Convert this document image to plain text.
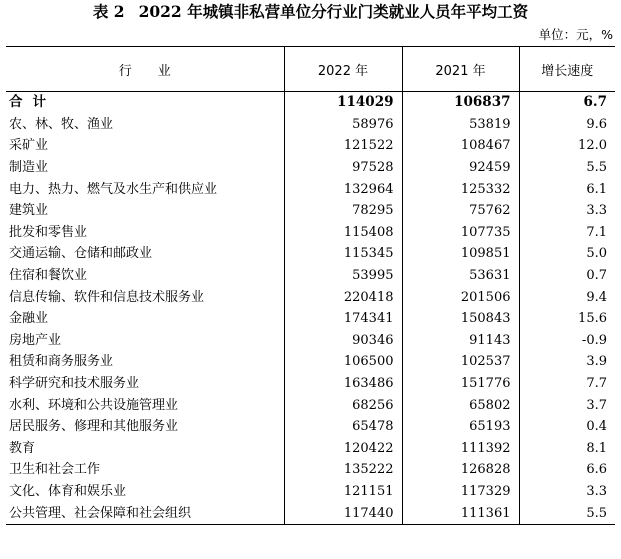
表 2 2022 年城镇非私营单位分行业门类就业人员年平均工资
单位：元，%
行业	2022 年	2021 年	增长速度
合计	114029	106837	6.7
农、林、牧、渔业	58976	53819	9.6
采矿业	121522	108467	12.0
制造业	97528	92459	5.5
电力、热力、燃气及水生产和供应业	132964	125332	6.1
建筑业	78295	75762	3.3
批发和零售业	115408	107735	7.1
交通运输、仓储和邮政业	115345	109851	5.0
住宿和餐饮业	53995	53631	0.7
信息传输、软件和信息技术服务业	220418	201506	9.4
金融业	174341	150843	15.6
房地产业	90346	91143	-0.9
租赁和商务服务业	106500	102537	3.9
科学研究和技术服务业	163486	151776	7.7
水利、环境和公共设施管理业	68256	65802	3.7
居民服务、修理和其他服务业	65478	65193	0.4
教育	120422	111392	8.1
卫生和社会工作	135222	126828	6.6
文化、体育和娱乐业	121151	117329	3.3
公共管理、社会保障和社会组织	117440	111361	5.5
